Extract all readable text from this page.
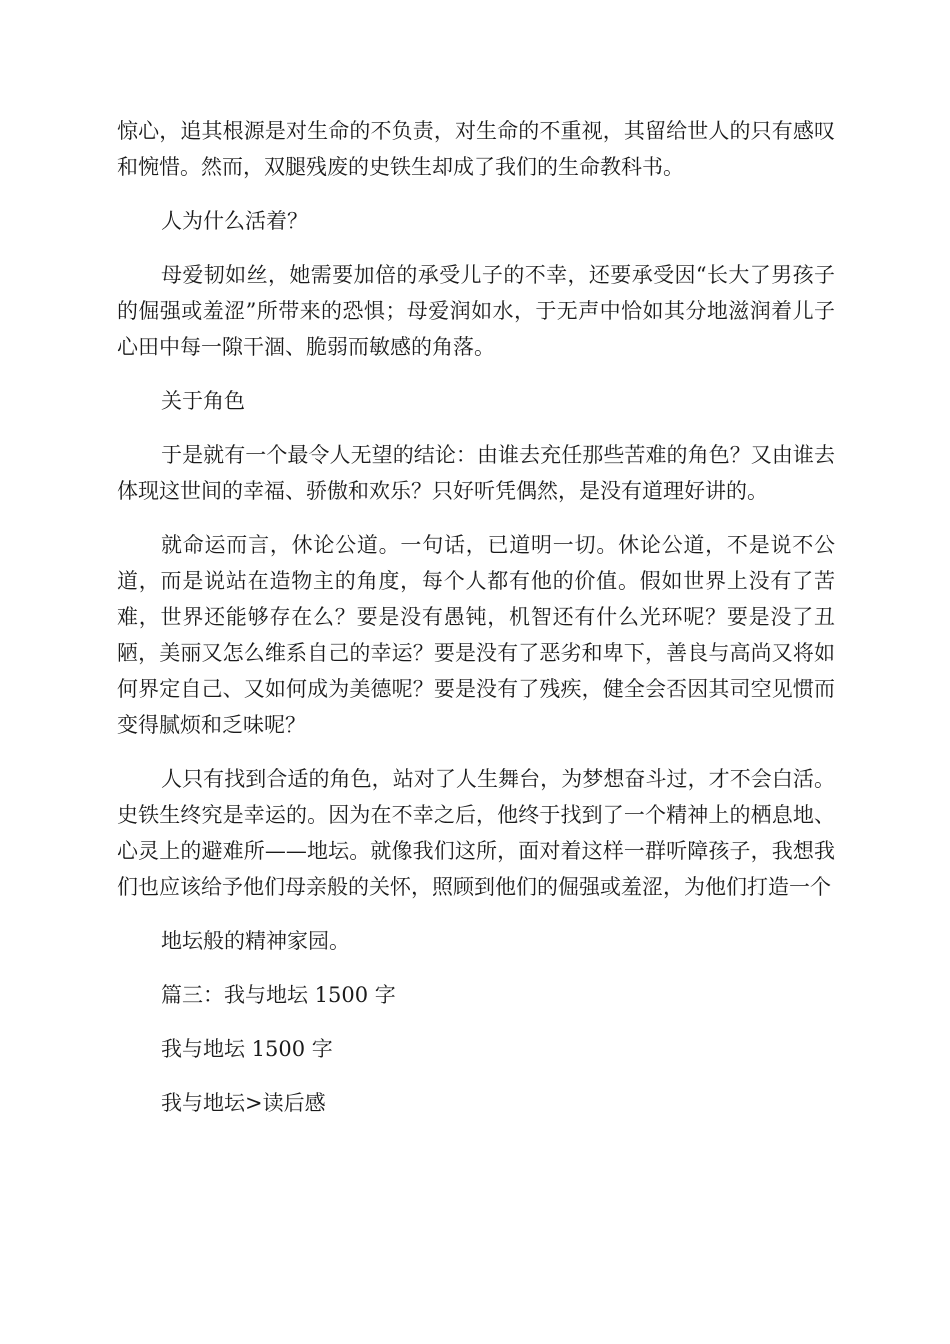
惊心，追其根源是对生命的不负责，对生命的不重视，其留给世人的只有感叹和惋惜。然而，双腿残废的史铁生却成了我们的生命教科书。

人为什么活着？

母爱韧如丝，她需要加倍的承受儿子的不幸，还要承受因“长大了男孩子的倔强或羞涩”所带来的恐惧；母爱润如水，于无声中恰如其分地滋润着儿子心田中每一隙干涸、脆弱而敏感的角落。

关于角色

于是就有一个最令人无望的结论：由谁去充任那些苦难的角色？又由谁去体现这世间的幸福、骄傲和欢乐？只好听凭偶然，是没有道理好讲的。

就命运而言，休论公道。一句话，已道明一切。休论公道，不是说不公道，而是说站在造物主的角度，每个人都有他的价值。假如世界上没有了苦难，世界还能够存在么？要是没有愚钝，机智还有什么光环呢？要是没了丑陋，美丽又怎么维系自己的幸运？要是没有了恶劣和卑下，善良与高尚又将如何界定自己、又如何成为美德呢？要是没有了残疾，健全会否因其司空见惯而变得腻烦和乏味呢？

人只有找到合适的角色，站对了人生舞台，为梦想奋斗过，才不会白活。史铁生终究是幸运的。因为在不幸之后，他终于找到了一个精神上的栖息地、心灵上的避难所——地坛。就像我们这所，面对着这样一群听障孩子，我想我们也应该给予他们母亲般的关怀，照顾到他们的倔强或羞涩，为他们打造一个

地坛般的精神家园。

篇三：我与地坛 1500 字

我与地坛 1500 字

我与地坛>读后感
